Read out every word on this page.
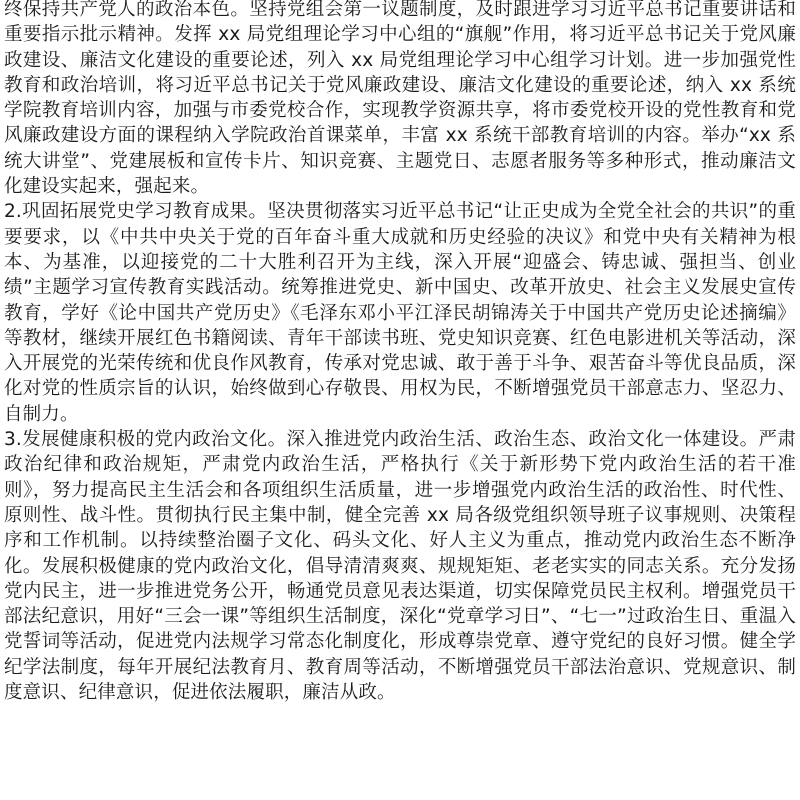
终保持共产党人的政治本色。坚持党组会第一议题制度，及时跟进学习习近平总书记重要讲话和重要指示批示精神。发挥 xx 局党组理论学习中心组的“旗舰”作用，将习近平总书记关于党风廉政建设、廉洁文化建设的重要论述，列入 xx 局党组理论学习中心组学习计划。进一步加强党性教育和政治培训，将习近平总书记关于党风廉政建设、廉洁文化建设的重要论述，纳入 xx 系统学院教育培训内容，加强与市委党校合作，实现教学资源共享，将市委党校开设的党性教育和党风廉政建设方面的课程纳入学院政治首课菜单，丰富 xx 系统干部教育培训的内容。举办“xx 系统大讲堂”、党建展板和宣传卡片、知识竞赛、主题党日、志愿者服务等多种形式，推动廉洁文化建设实起来，强起来。

2.巩固拓展党史学习教育成果。坚决贯彻落实习近平总书记“让正史成为全党全社会的共识”的重要要求，以《中共中央关于党的百年奋斗重大成就和历史经验的决议》和党中央有关精神为根本、为基准，以迎接党的二十大胜利召开为主线，深入开展“迎盛会、铸忠诚、强担当、创业绩”主题学习宣传教育实践活动。统筹推进党史、新中国史、改革开放史、社会主义发展史宣传教育，学好《论中国共产党历史》《毛泽东邓小平江泽民胡锦涛关于中国共产党历史论述摘编》等教材，继续开展红色书籍阅读、青年干部读书班、党史知识竞赛、红色电影进机关等活动，深入开展党的光荣传统和优良作风教育，传承对党忠诚、敢于善于斗争、艰苦奋斗等优良品质，深化对党的性质宗旨的认识，始终做到心存敬畏、用权为民，不断增强党员干部意志力、坚忍力、自制力。

3.发展健康积极的党内政治文化。深入推进党内政治生活、政治生态、政治文化一体建设。严肃政治纪律和政治规矩，严肃党内政治生活，严格执行《关于新形势下党内政治生活的若干准则》，努力提高民主生活会和各项组织生活质量，进一步增强党内政治生活的政治性、时代性、原则性、战斗性。贯彻执行民主集中制，健全完善 xx 局各级党组织领导班子议事规则、决策程序和工作机制。以持续整治圈子文化、码头文化、好人主义为重点，推动党内政治生态不断净化。发展积极健康的党内政治文化，倡导清清爽爽、规规矩矩、老老实实的同志关系。充分发扬党内民主，进一步推进党务公开，畅通党员意见表达渠道，切实保障党员民主权利。增强党员干部法纪意识，用好“三会一课”等组织生活制度，深化“党章学习日”、“七一”过政治生日、重温入党誓词等活动，促进党内法规学习常态化制度化，形成尊崇党章、遵守党纪的良好习惯。健全学纪学法制度，每年开展纪法教育月、教育周等活动，不断增强党员干部法治意识、党规意识、制度意识、纪律意识，促进依法履职，廉洁从政。
